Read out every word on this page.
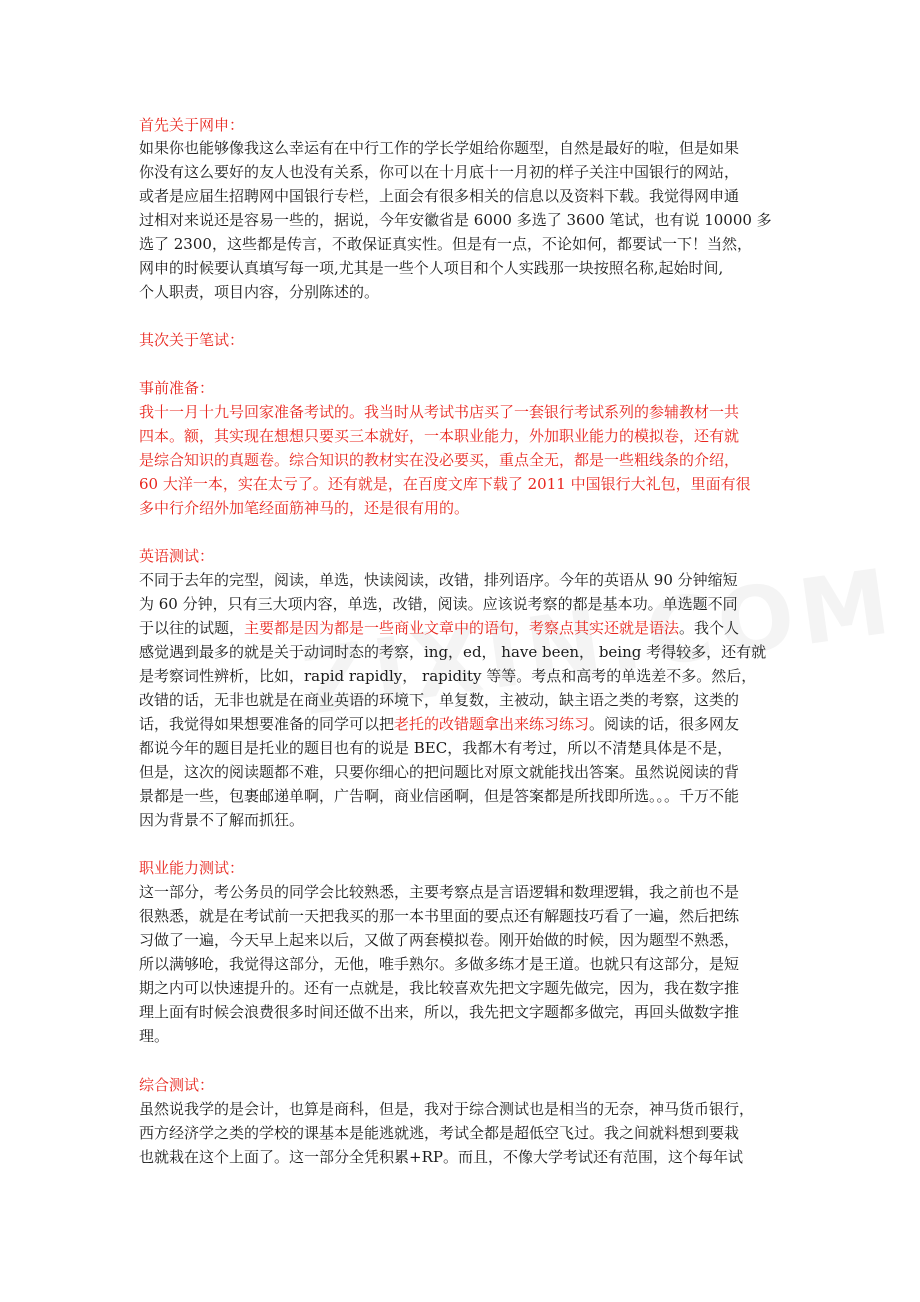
首先关于网申：

如果你也能够像我这么幸运有在中行工作的学长学姐给你题型，自然是最好的啦，但是如果

你没有这么要好的友人也没有关系，你可以在十月底十一月初的样子关注中国银行的网站，

或者是应届生招聘网中国银行专栏，上面会有很多相关的信息以及资料下载。我觉得网申通

过相对来说还是容易一些的，据说，今年安徽省是 6000 多选了 3600 笔试，也有说 10000 多

选了 2300，这些都是传言，不敢保证真实性。但是有一点，不论如何，都要试一下！当然，

网申的时候要认真填写每一项,尤其是一些个人项目和个人实践那一块按照名称,起始时间,

个人职责，项目内容，分别陈述的。

其次关于笔试：

事前准备：

我十一月十九号回家准备考试的。我当时从考试书店买了一套银行考试系列的参辅教材一共

四本。额，其实现在想想只要买三本就好，一本职业能力，外加职业能力的模拟卷，还有就

是综合知识的真题卷。综合知识的教材实在没必要买，重点全无，都是一些粗线条的介绍，

60 大洋一本，实在太亏了。还有就是，在百度文库下载了 2011 中国银行大礼包，里面有很

多中行介绍外加笔经面筋神马的，还是很有用的。

英语测试：

不同于去年的完型，阅读，单选，快读阅读，改错，排列语序。今年的英语从 90 分钟缩短

为 60 分钟，只有三大项内容，单选，改错，阅读。应该说考察的都是基本功。单选题不同

于以往的试题，主要都是因为都是一些商业文章中的语句，考察点其实还就是语法。我个人

感觉遇到最多的就是关于动词时态的考察，ing，ed， have been， being 考得较多，还有就

是考察词性辨析，比如，rapid rapidly， rapidity 等等。考点和高考的单选差不多。然后，

改错的话，无非也就是在商业英语的环境下，单复数，主被动，缺主语之类的考察，这类的

话，我觉得如果想要准备的同学可以把老托的改错题拿出来练习练习。阅读的话，很多网友

都说今年的题目是托业的题目也有的说是 BEC，我都木有考过，所以不清楚具体是不是，

但是，这次的阅读题都不难，只要你细心的把问题比对原文就能找出答案。虽然说阅读的背

景都是一些，包裹邮递单啊，广告啊，商业信函啊，但是答案都是所找即所选。。。千万不能

因为背景不了解而抓狂。

职业能力测试：

这一部分，考公务员的同学会比较熟悉，主要考察点是言语逻辑和数理逻辑，我之前也不是

很熟悉，就是在考试前一天把我买的那一本书里面的要点还有解题技巧看了一遍，然后把练

习做了一遍，今天早上起来以后，又做了两套模拟卷。刚开始做的时候，因为题型不熟悉，

所以满够呛，我觉得这部分，无他，唯手熟尔。多做多练才是王道。也就只有这部分，是短

期之内可以快速提升的。还有一点就是，我比较喜欢先把文字题先做完，因为，我在数字推

理上面有时候会浪费很多时间还做不出来，所以，我先把文字题都多做完，再回头做数字推

理。

综合测试：

虽然说我学的是会计，也算是商科，但是，我对于综合测试也是相当的无奈，神马货币银行，

西方经济学之类的学校的课基本是能逃就逃，考试全都是超低空飞过。我之间就料想到要栽

也就栽在这个上面了。这一部分全凭积累+RP。而且，不像大学考试还有范围，这个每年试
